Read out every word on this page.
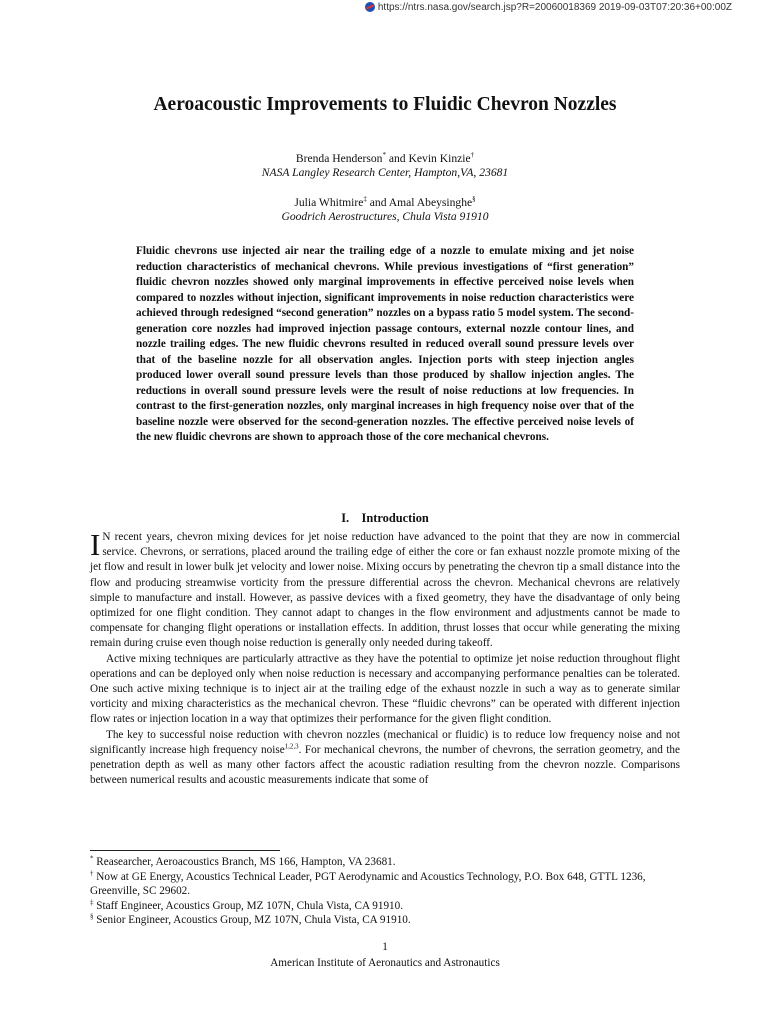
https://ntrs.nasa.gov/search.jsp?R=20060018369 2019-09-03T07:20:36+00:00Z
Aeroacoustic Improvements to Fluidic Chevron Nozzles
Brenda Henderson* and Kevin Kinzie†
NASA Langley Research Center, Hampton,VA, 23681
Julia Whitmire‡ and Amal Abeysinghe§
Goodrich Aerostructures, Chula Vista 91910

Fluidic chevrons use injected air near the trailing edge of a nozzle to emulate mixing and jet noise reduction characteristics of mechanical chevrons. While previous investigations of “first generation” fluidic chevron nozzles showed only marginal improvements in effective perceived noise levels when compared to nozzles without injection, significant improvements in noise reduction characteristics were achieved through redesigned “second generation” nozzles on a bypass ratio 5 model system. The second-generation core nozzles had improved injection passage contours, external nozzle contour lines, and nozzle trailing edges. The new fluidic chevrons resulted in reduced overall sound pressure levels over that of the baseline nozzle for all observation angles. Injection ports with steep injection angles produced lower overall sound pressure levels than those produced by shallow injection angles. The reductions in overall sound pressure levels were the result of noise reductions at low frequencies. In contrast to the first-generation nozzles, only marginal increases in high frequency noise over that of the baseline nozzle were observed for the second-generation nozzles. The effective perceived noise levels of the new fluidic chevrons are shown to approach those of the core mechanical chevrons.

I. Introduction

I N recent years, chevron mixing devices for jet noise reduction have advanced to the point that they are now in commercial service. Chevrons, or serrations, placed around the trailing edge of either the core or fan exhaust nozzle promote mixing of the jet flow and result in lower bulk jet velocity and lower noise. Mixing occurs by penetrating the chevron tip a small distance into the flow and producing streamwise vorticity from the pressure differential across the chevron. Mechanical chevrons are relatively simple to manufacture and install. However, as passive devices with a fixed geometry, they have the disadvantage of only being optimized for one flight condition. They cannot adapt to changes in the flow environment and adjustments cannot be made to compensate for changing flight operations or installation effects. In addition, thrust losses that occur while generating the mixing remain during cruise even though noise reduction is generally only needed during takeoff.

Active mixing techniques are particularly attractive as they have the potential to optimize jet noise reduction throughout flight operations and can be deployed only when noise reduction is necessary and accompanying performance penalties can be tolerated. One such active mixing technique is to inject air at the trailing edge of the exhaust nozzle in such a way as to generate similar vorticity and mixing characteristics as the mechanical chevron. These “fluidic chevrons” can be operated with different injection flow rates or injection location in a way that optimizes their performance for the given flight condition.

The key to successful noise reduction with chevron nozzles (mechanical or fluidic) is to reduce low frequency noise and not significantly increase high frequency noise$^{1,2,3}$. For mechanical chevrons, the number of chevrons, the serration geometry, and the penetration depth as well as many other factors affect the acoustic radiation resulting from the chevron nozzle. Comparisons between numerical results and acoustic measurements indicate that some of

* Reasearcher, Aeroacoustics Branch, MS 166, Hampton, VA 23681.

† Now at GE Energy, Acoustics Technical Leader, PGT Aerodynamic and Acoustics Technology, P.O. Box 648, GTTL 1236, Greenville, SC 29602.

‡ Staff Engineer, Acoustics Group, MZ 107N, Chula Vista, CA 91910.

§ Senior Engineer, Acoustics Group, MZ 107N, Chula Vista, CA 91910.

1
American Institute of Aeronautics and Astronautics
